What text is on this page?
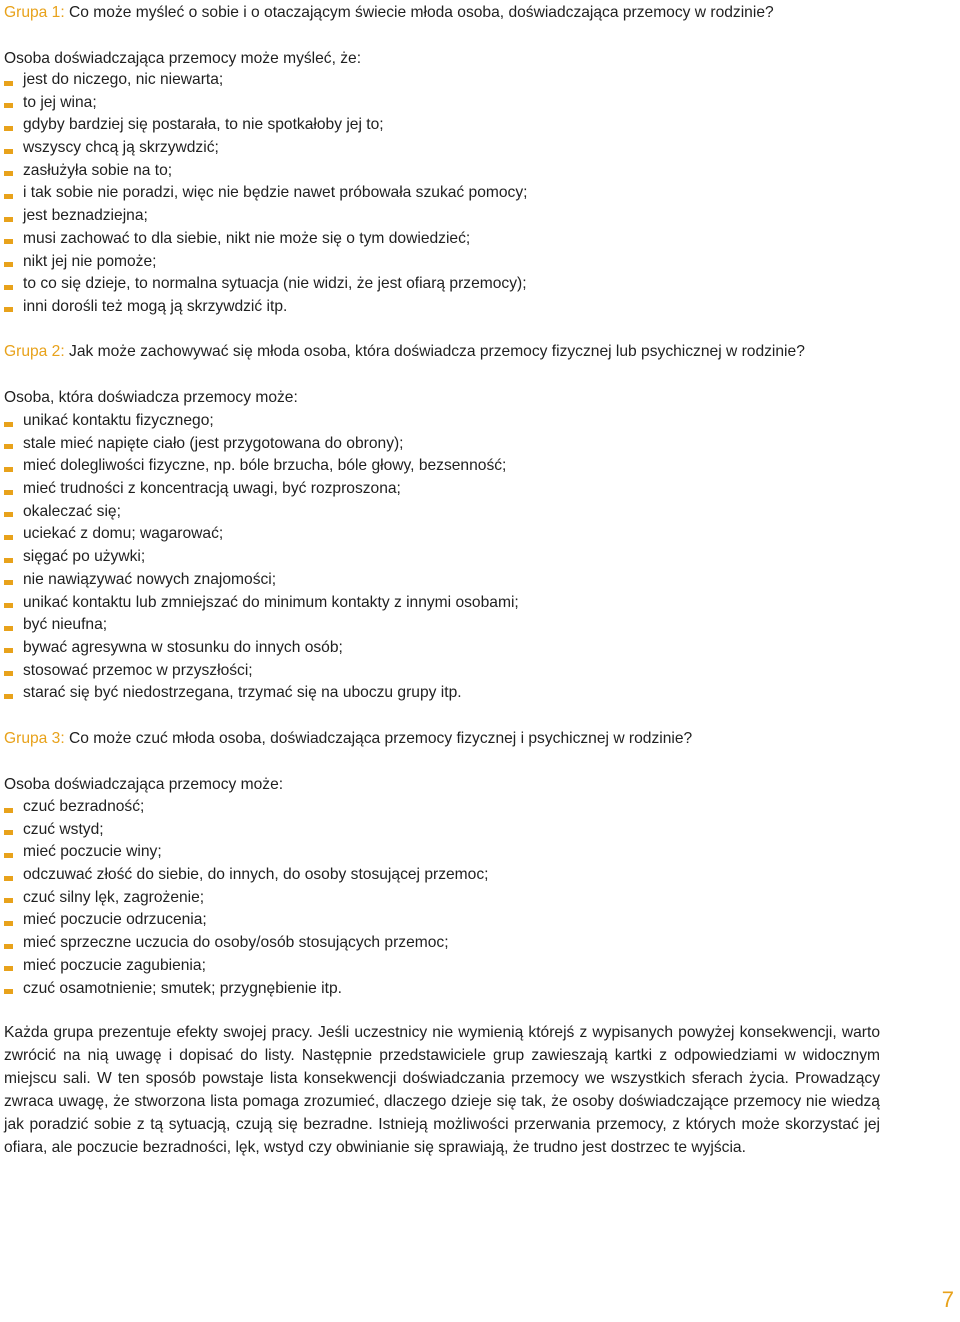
Grupa 1: Co może myśleć o sobie i o otaczającym świecie młoda osoba, doświadczająca przemocy w rodzinie?
Osoba doświadczająca przemocy może myśleć, że:
jest do niczego, nic niewarta;
to jej wina;
gdyby bardziej się postarała, to nie spotkałoby jej to;
wszyscy chcą ją skrzywdzić;
zasłużyła sobie na to;
i tak sobie nie poradzi, więc nie będzie nawet próbowała szukać pomocy;
jest beznadziejna;
musi zachować to dla siebie, nikt nie może się o tym dowiedzieć;
nikt jej nie pomoże;
to co się dzieje, to normalna sytuacja (nie widzi, że jest ofiarą przemocy);
inni dorośli też mogą ją skrzywdzić itp.
Grupa 2: Jak może zachowywać się młoda osoba, która doświadcza przemocy fizycznej lub psychicznej w rodzinie?
Osoba, która doświadcza przemocy może:
unikać kontaktu fizycznego;
stale mieć napięte ciało (jest przygotowana do obrony);
mieć dolegliwości fizyczne, np. bóle brzucha, bóle głowy, bezsenność;
mieć trudności z koncentracją uwagi, być rozproszona;
okaleczać się;
uciekać z domu; wagarować;
sięgać po używki;
nie nawiązywać nowych znajomości;
unikać kontaktu lub zmniejszać do minimum kontakty z innymi osobami;
być nieufna;
bywać agresywna w stosunku do innych osób;
stosować przemoc w przyszłości;
starać się być niedostrzegana, trzymać się na uboczu grupy itp.
Grupa 3: Co może czuć młoda osoba, doświadczająca przemocy fizycznej i psychicznej w rodzinie?
Osoba doświadczająca przemocy może:
czuć bezradność;
czuć wstyd;
mieć poczucie winy;
odczuwać złość do siebie, do innych, do osoby stosującej przemoc;
czuć silny lęk, zagrożenie;
mieć poczucie odrzucenia;
mieć sprzeczne uczucia do osoby/osób stosujących przemoc;
mieć poczucie zagubienia;
czuć osamotnienie; smutek; przygnębienie itp.

Każda grupa prezentuje efekty swojej pracy. Jeśli uczestnicy nie wymienią którejś z wypisanych powyżej konsekwencji, warto zwrócić na nią uwagę i dopisać do listy. Następnie przedstawiciele grup zawieszają kartki z odpowiedziami w widocznym miejscu sali. W ten sposób powstaje lista konsekwencji doświadczania przemocy we wszystkich sferach życia. Prowadzący zwraca uwagę, że stworzona lista pomaga zrozumieć, dlaczego dzieje się tak, że osoby doświadczające przemocy nie wiedzą jak poradzić sobie z tą sytuacją, czują się bezradne. Istnieją możliwości przerwania przemocy, z których może skorzystać jej ofiara, ale poczucie bezradności, lęk, wstyd czy obwinianie się sprawiają, że trudno jest dostrzec te wyjścia.

7
